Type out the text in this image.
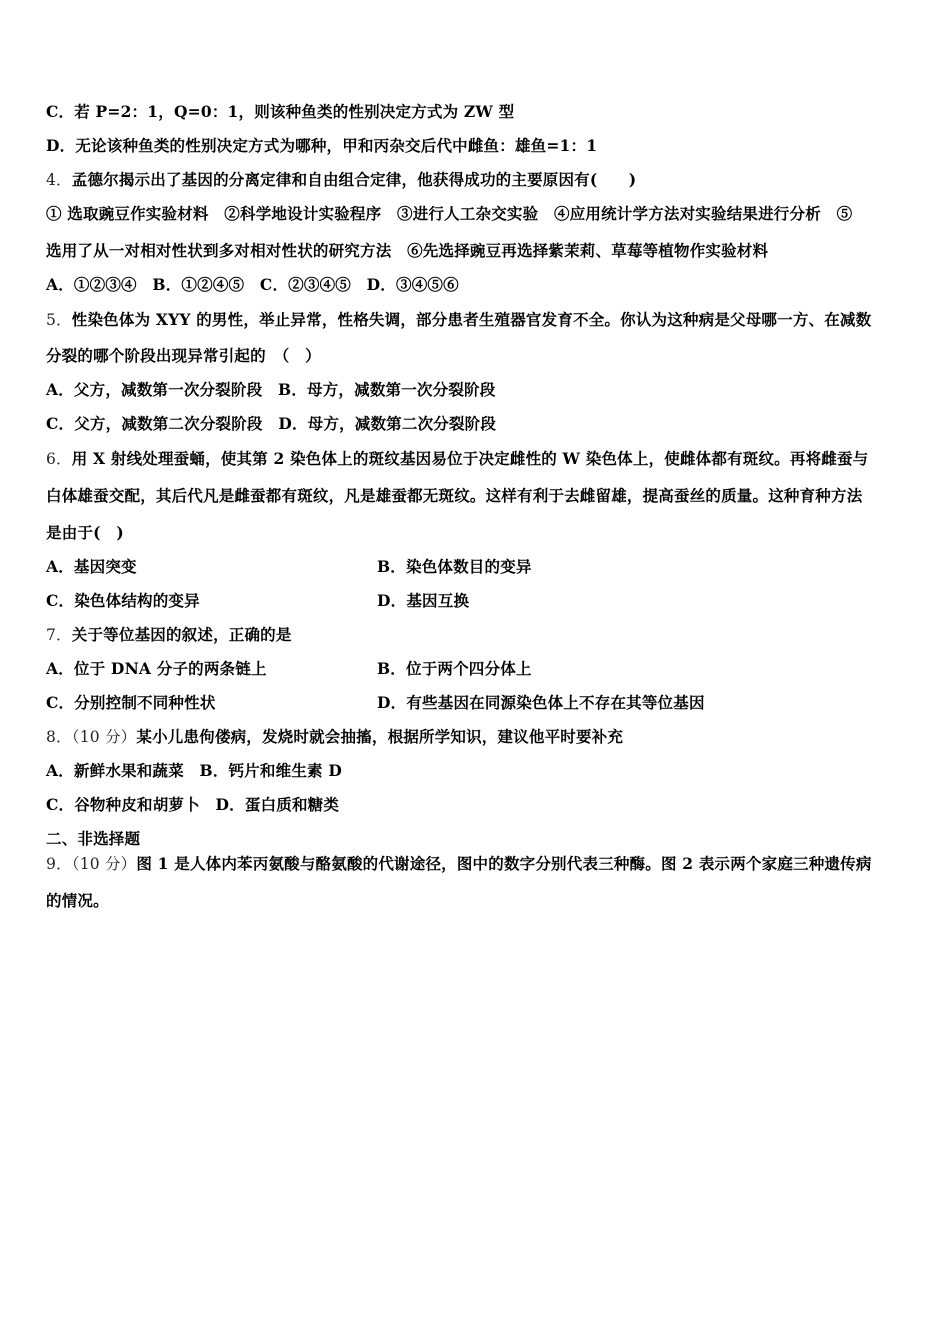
C．若 P=2：1，Q=0：1，则该种鱼类的性别决定方式为 ZW 型
D．无论该种鱼类的性别决定方式为哪种，甲和丙杂交后代中雌鱼：雄鱼=1：1
4．孟德尔揭示出了基因的分离定律和自由组合定律，他获得成功的主要原因有(　　)
① 选取豌豆作实验材料　②科学地设计实验程序　③进行人工杂交实验　④应用统计学方法对实验结果进行分析　⑤
选用了从一对相对性状到多对相对性状的研究方法　⑥先选择豌豆再选择紫茉莉、草莓等植物作实验材料
A．①②③④　B．①②④⑤　C．②③④⑤　D．③④⑤⑥
5．性染色体为 XYY 的男性，举止异常，性格失调，部分患者生殖器官发育不全。你认为这种病是父母哪一方、在减数
分裂的哪个阶段出现异常引起的　（　）
A．父方，减数第一次分裂阶段　B．母方，减数第一次分裂阶段
C．父方，减数第二次分裂阶段　D．母方，减数第二次分裂阶段
6．用 X 射线处理蚕蛹，使其第 2 染色体上的斑纹基因易位于决定雌性的 W 染色体上，使雌体都有斑纹。再将雌蚕与
白体雄蚕交配，其后代凡是雌蚕都有斑纹，凡是雄蚕都无斑纹。这样有利于去雌留雄，提高蚕丝的质量。这种育种方法
是由于(　)
A．基因突变	B．染色体数目的变异
C．染色体结构的变异	D．基因互换
7．关于等位基因的叙述，正确的是
A．位于 DNA 分子的两条链上	B．位于两个四分体上
C．分别控制不同种性状	D．有些基因在同源染色体上不存在其等位基因
8．（10 分）某小儿患佝偻病，发烧时就会抽搐，根据所学知识，建议他平时要补充
A．新鲜水果和蔬菜　B．钙片和维生素 D
C．谷物种皮和胡萝卜　D．蛋白质和糖类
二、非选择题
9．（10 分）图 1 是人体内苯丙氨酸与酪氨酸的代谢途径，图中的数字分别代表三种酶。图 2 表示两个家庭三种遗传病
的情况。
